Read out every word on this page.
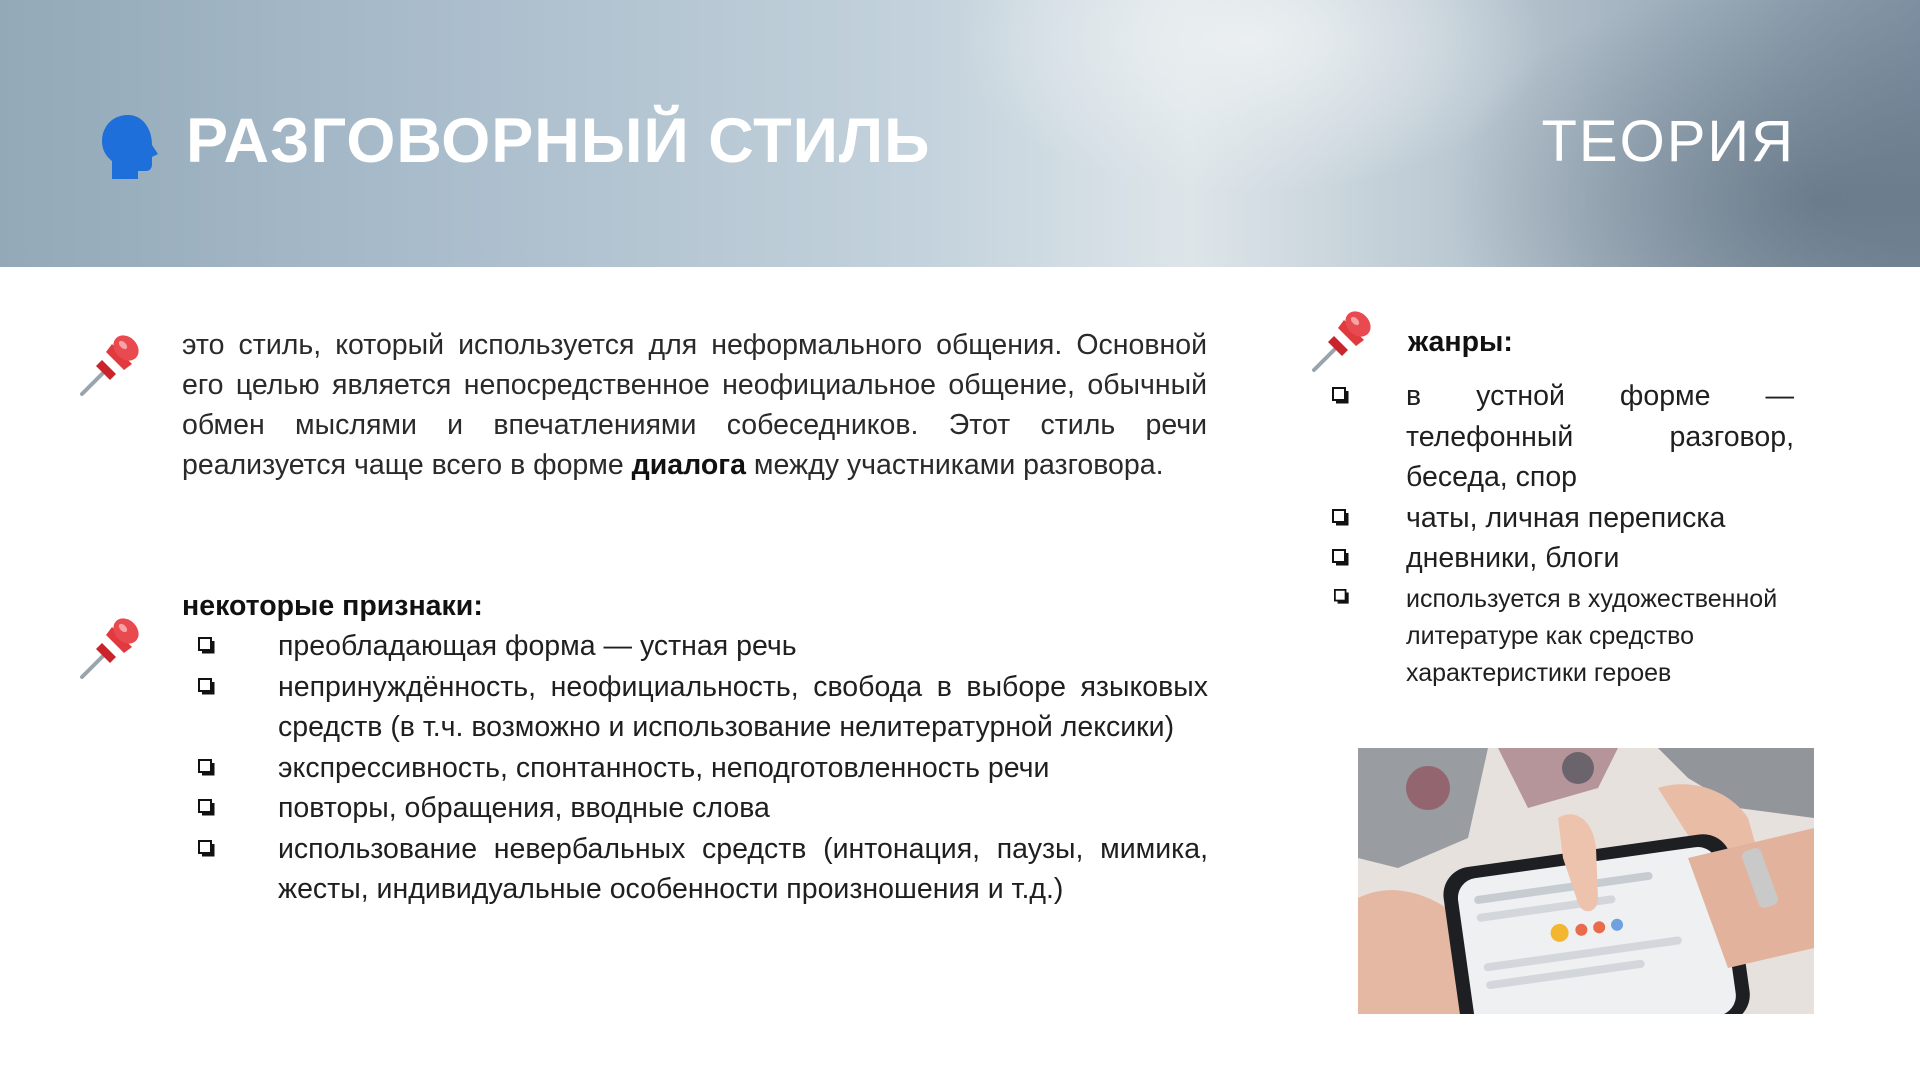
РАЗГОВОРНЫЙ СТИЛЬ	ТЕОРИЯ
это стиль, который используется для неформального общения. Основной его целью является непосредственное неофициальное общение, обычный обмен мыслями и впечатлениями собеседников. Этот стиль речи реализуется чаще всего в форме диалога между участниками разговора.
некоторые признаки:
преобладающая форма — устная речь
непринуждённость, неофициальность, свобода в выборе языковых средств (в т.ч. возможно и использование нелитературной лексики)
экспрессивность, спонтанность, неподготовленность речи
повторы, обращения, вводные слова
использование невербальных средств (интонация, паузы, мимика, жесты, индивидуальные особенности произношения и т.д.)
жанры:
в устной форме — телефонный разговор, беседа, спор
чаты, личная переписка
дневники, блоги
используется в художественной литературе как средство характеристики героев
